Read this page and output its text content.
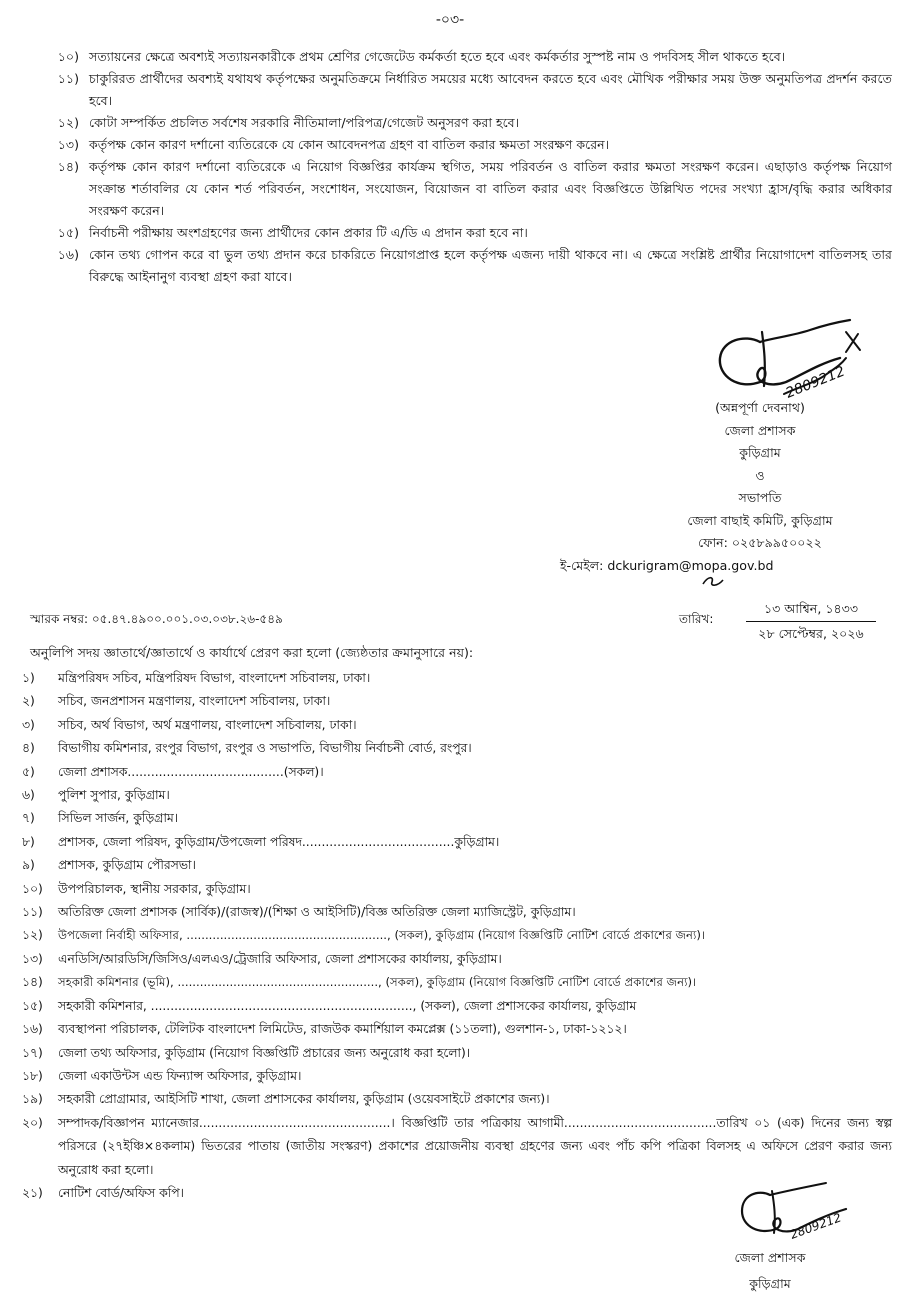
-০৩-
১০) সত্যায়নের ক্ষেত্রে অবশ্যই সত্যায়নকারীকে প্রথম শ্রেণির গেজেটেড কর্মকর্তা হতে হবে এবং কর্মকর্তার সুস্পষ্ট নাম ও পদবিসহ সীল থাকতে হবে।
১১) চাকুরিরত প্রার্থীদের অবশ্যই যথাযথ কর্তৃপক্ষের অনুমতিক্রমে নির্ধারিত সময়ের মধ্যে আবেদন করতে হবে এবং মৌখিক পরীক্ষার সময় উক্ত অনুমতিপত্র প্রদর্শন করতে হবে।
১২) কোটা সম্পর্কিত প্রচলিত সর্বশেষ সরকারি নীতিমালা/পরিপত্র/গেজেট অনুসরণ করা হবে।
১৩) কর্তৃপক্ষ কোন কারণ দর্শানো ব্যতিরেকে যে কোন আবেদনপত্র গ্রহণ বা বাতিল করার ক্ষমতা সংরক্ষণ করেন।
১৪) কর্তৃপক্ষ কোন কারণ দর্শানো ব্যতিরেকে এ নিয়োগ বিজ্ঞপ্তির কার্যক্রম স্থগিত, সময় পরিবর্তন ও বাতিল করার ক্ষমতা সংরক্ষণ করেন। এছাড়াও কর্তৃপক্ষ নিয়োগ সংক্রান্ত শর্তাবলির যে কোন শর্ত পরিবর্তন, সংশোধন, সংযোজন, বিয়োজন বা বাতিল করার এবং বিজ্ঞপ্তিতে উল্লিখিত পদের সংখ্যা হ্রাস/বৃদ্ধি করার অধিকার সংরক্ষণ করেন।
১৫) নির্বাচনী পরীক্ষায় অংশগ্রহণের জন্য প্রার্থীদের কোন প্রকার টি এ/ডি এ প্রদান করা হবে না।
১৬) কোন তথ্য গোপন করে বা ভুল তথ্য প্রদান করে চাকরিতে নিয়োগপ্রাপ্ত হলে কর্তৃপক্ষ এজন্য দায়ী থাকবে না। এ ক্ষেত্রে সংশ্লিষ্ট প্রার্থীর নিয়োগাদেশ বাতিলসহ তার বিরুদ্ধে আইনানুগ ব্যবস্থা গ্রহণ করা যাবে।
2809212
(অন্নপূর্ণা দেবনাথ)
জেলা প্রশাসক
কুড়িগ্রাম
ও
সভাপতি
জেলা বাছাই কমিটি, কুড়িগ্রাম
ফোন: ০২৫৮৯৯৫০০২২
ই-মেইল: dckurigram@mopa.gov.bd
স্মারক নম্বর: ০৫.৪৭.৪৯০০.০০১.০৩.০৩৮.২৬-৫৪৯	তারিখ:
১৩ আশ্বিন, ১৪৩৩
২৮ সেপ্টেম্বর, ২০২৬
অনুলিপি সদয় জ্ঞাতার্থে/জ্ঞাতার্থে ও কার্যার্থে প্রেরণ করা হলো (জ্যেষ্ঠতার ক্রমানুসারে নয়):
১)	মন্ত্রিপরিষদ সচিব, মন্ত্রিপরিষদ বিভাগ, বাংলাদেশ সচিবালয়, ঢাকা।
২)	সচিব, জনপ্রশাসন মন্ত্রণালয়, বাংলাদেশ সচিবালয়, ঢাকা।
৩)	সচিব, অর্থ বিভাগ, অর্থ মন্ত্রণালয়, বাংলাদেশ সচিবালয়, ঢাকা।
৪)	বিভাগীয় কমিশনার, রংপুর বিভাগ, রংপুর ও সভাপতি, বিভাগীয় নির্বাচনী বোর্ড, রংপুর।
৫)	জেলা প্রশাসক........................................(সকল)।
৬)	পুলিশ সুপার, কুড়িগ্রাম।
৭)	সিভিল সার্জন, কুড়িগ্রাম।
৮)	প্রশাসক, জেলা পরিষদ, কুড়িগ্রাম/উপজেলা পরিষদ.......................................কুড়িগ্রাম।
৯)	প্রশাসক, কুড়িগ্রাম পৌরসভা।
১০)	উপপরিচালক, স্থানীয় সরকার, কুড়িগ্রাম।
১১)	অতিরিক্ত জেলা প্রশাসক (সার্বিক)/(রাজস্ব)/(শিক্ষা ও আইসিটি)/বিজ্ঞ অতিরিক্ত জেলা ম্যাজিস্ট্রেট, কুড়িগ্রাম।
১২)	উপজেলা নির্বাহী অফিসার, ......................................................, (সকল), কুড়িগ্রাম (নিয়োগ বিজ্ঞপ্তিটি নোটিশ বোর্ডে প্রকাশের জন্য)।
১৩)	এনডিসি/আরডিসি/জিসিও/এলএও/ট্রেজারি অফিসার, জেলা প্রশাসকের কার্যালয়, কুড়িগ্রাম।
১৪)	সহকারী কমিশনার (ভূমি), ......................................................, (সকল), কুড়িগ্রাম (নিয়োগ বিজ্ঞপ্তিটি নোটিশ বোর্ডে প্রকাশের জন্য)।
১৫)	সহকারী কমিশনার, ..................................................................., (সকল), জেলা প্রশাসকের কার্যালয়, কুড়িগ্রাম
১৬)	ব্যবস্থাপনা পরিচালক, টেলিটক বাংলাদেশ লিমিটেড, রাজউক কমার্শিয়াল কমপ্লেক্স (১১তলা), গুলশান-১, ঢাকা-১২১২।
১৭)	জেলা তথ্য অফিসার, কুড়িগ্রাম (নিয়োগ বিজ্ঞপ্তিটি প্রচারের জন্য অনুরোধ করা হলো)।
১৮)	জেলা একাউন্টস এন্ড ফিন্যান্স অফিসার, কুড়িগ্রাম।
১৯)	সহকারী প্রোগ্রামার, আইসিটি শাখা, জেলা প্রশাসকের কার্যালয়, কুড়িগ্রাম (ওয়েবসাইটে প্রকাশের জন্য)।
২০)	সম্পাদক/বিজ্ঞাপন ম্যানেজার.................................................। বিজ্ঞপ্তিটি তার পত্রিকায় আগামী.......................................তারিখ ০১ (এক) দিনের জন্য স্বল্প পরিসরে (২৭ইঞ্চি×৪কলাম) ভিতরের পাতায় (জাতীয় সংস্করণ) প্রকাশের প্রয়োজনীয় ব্যবস্থা গ্রহণের জন্য এবং পাঁচ কপি পত্রিকা বিলসহ এ অফিসে প্রেরণ করার জন্য অনুরোধ করা হলো।
২১)	নোটিশ বোর্ড/অফিস কপি।
2809212
জেলা প্রশাসক
কুড়িগ্রাম
